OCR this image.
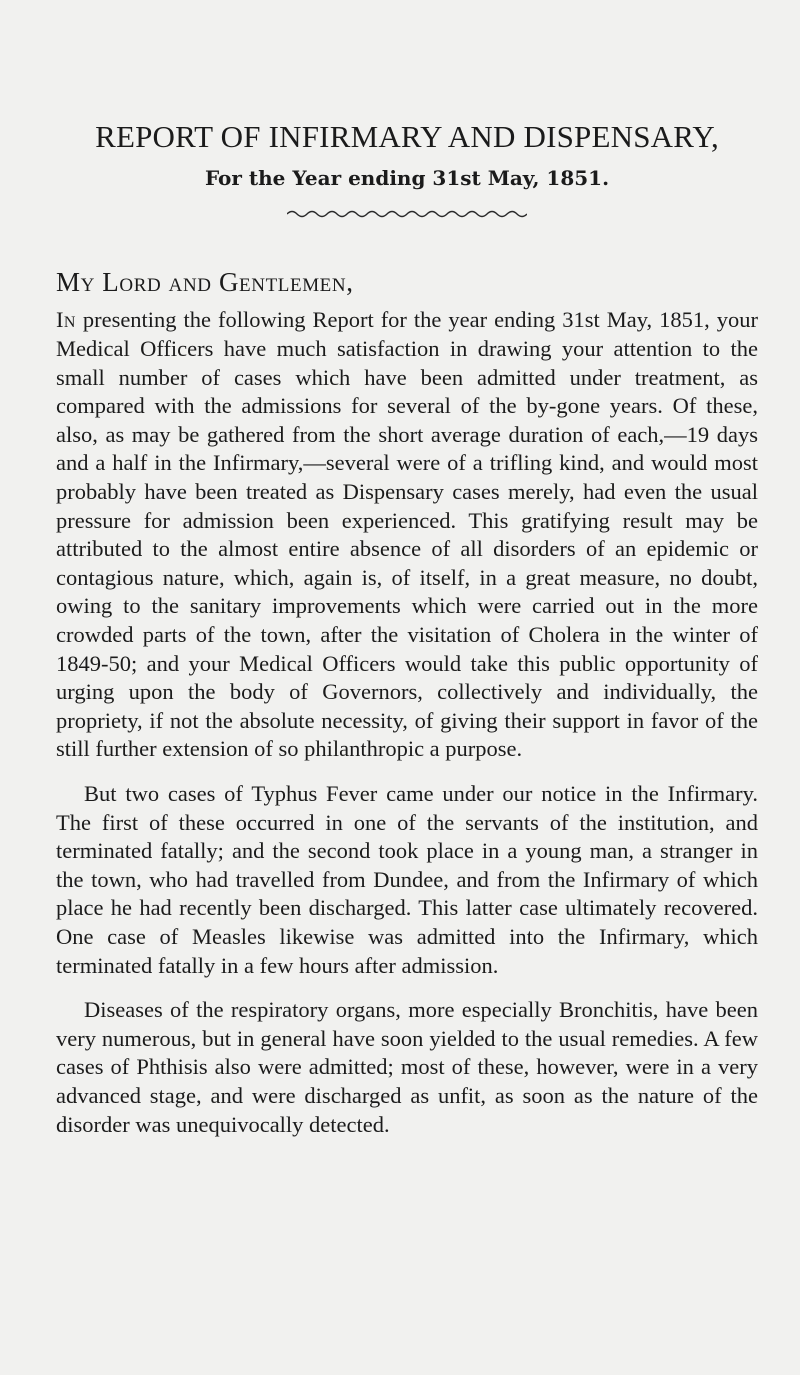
REPORT OF INFIRMARY AND DISPENSARY,
For the Year ending 31st May, 1851.
My Lord and Gentlemen,

In presenting the following Report for the year ending 31st May, 1851, your Medical Officers have much satisfaction in drawing your attention to the small number of cases which have been admitted under treatment, as compared with the admissions for several of the by-gone years. Of these, also, as may be gathered from the short average duration of each,—19 days and a half in the Infirmary,—several were of a trifling kind, and would most probably have been treated as Dispensary cases merely, had even the usual pressure for admission been experienced. This gratifying result may be attributed to the almost entire absence of all disorders of an epidemic or contagious nature, which, again is, of itself, in a great measure, no doubt, owing to the sanitary improvements which were carried out in the more crowded parts of the town, after the visitation of Cholera in the winter of 1849-50; and your Medical Officers would take this public opportunity of urging upon the body of Governors, collectively and individually, the propriety, if not the absolute necessity, of giving their support in favor of the still further extension of so philanthropic a purpose.

But two cases of Typhus Fever came under our notice in the Infirmary. The first of these occurred in one of the servants of the institution, and terminated fatally; and the second took place in a young man, a stranger in the town, who had travelled from Dundee, and from the Infirmary of which place he had recently been discharged. This latter case ultimately recovered. One case of Measles likewise was admitted into the Infirmary, which terminated fatally in a few hours after admission.

Diseases of the respiratory organs, more especially Bronchitis, have been very numerous, but in general have soon yielded to the usual remedies. A few cases of Phthisis also were admitted; most of these, however, were in a very advanced stage, and were discharged as unfit, as soon as the nature of the disorder was unequivocally detected.
